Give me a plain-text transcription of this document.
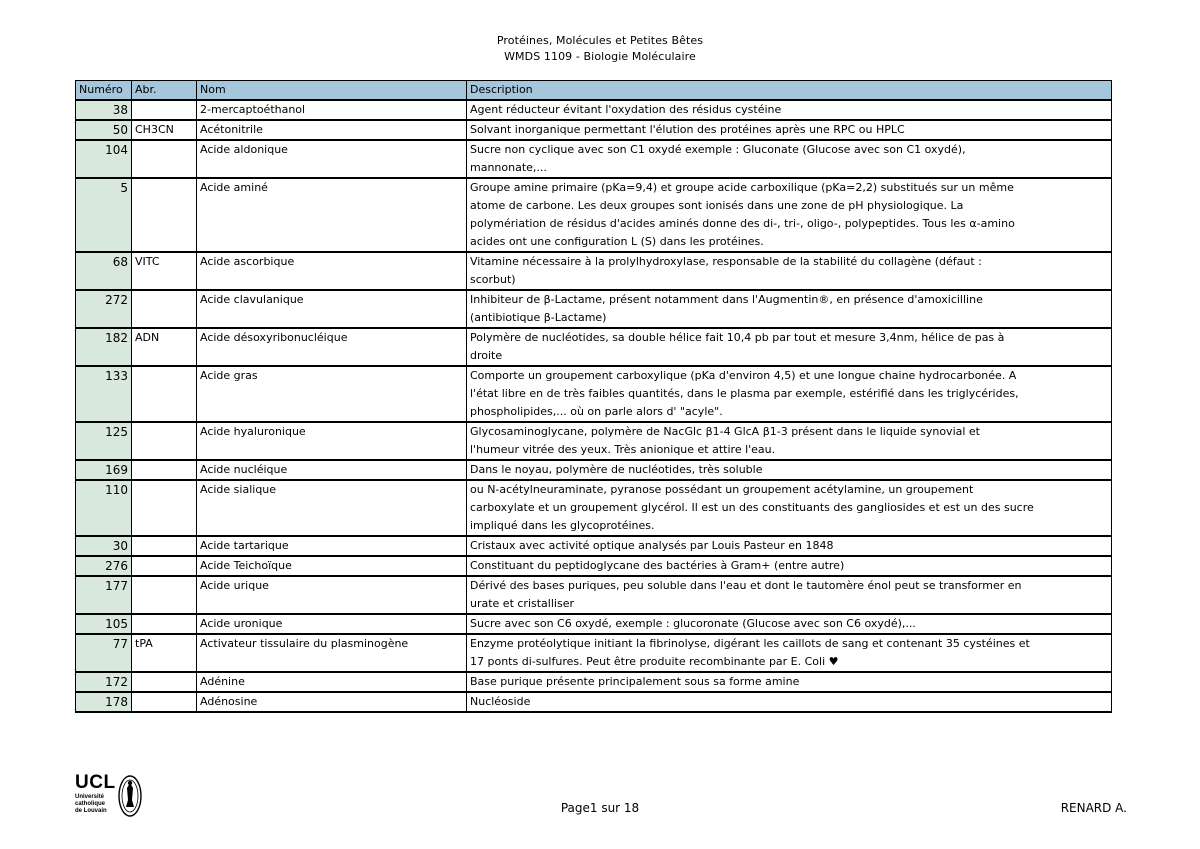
Protéines, Molécules et Petites Bêtes
WMDS 1109 - Biologie Moléculaire
Numéro	Abr.	Nom	Description
38		2-mercaptoéthanol	Agent réducteur évitant l'oxydation des résidus cystéine

50	CH3CN	Acétonitrile	Solvant inorganique permettant l'élution des protéines après une RPC ou HPLC

104		Acide aldonique	Sucre non cyclique avec son C1 oxydé exemple : Gluconate (Glucose avec son C1 oxydé),
mannonate,...

5		Acide aminé	Groupe amine primaire (pKa=9,4) et groupe acide carboxilique (pKa=2,2) substitués sur un même
atome de carbone. Les deux groupes sont ionisés dans une zone de pH physiologique. La
polymériation de résidus d'acides aminés donne des di-, tri-, oligo-, polypeptides. Tous les α-amino
acides ont une configuration L (S) dans les protéines.

68	VITC	Acide ascorbique	Vitamine nécessaire à la prolylhydroxylase, responsable de la stabilité du collagène (défaut :
scorbut)

272		Acide clavulanique	Inhibiteur de β-Lactame, présent notamment dans l'Augmentin®, en présence d'amoxicilline
(antibiotique β-Lactame)

182	ADN	Acide désoxyribonucléique	Polymère de nucléotides, sa double hélice fait 10,4 pb par tout et mesure 3,4nm, hélice de pas à
droite

133		Acide gras	Comporte un groupement carboxylique (pKa d'environ 4,5) et une longue chaine hydrocarbonée. A
l'état libre en de très faibles quantités, dans le plasma par exemple, estérifié dans les triglycérides,
phospholipides,... où on parle alors d' "acyle".

125		Acide hyaluronique	Glycosaminoglycane, polymère de NacGlc β1-4 GlcA β1-3 présent dans le liquide synovial et
l'humeur vitrée des yeux. Très anionique et attire l'eau.

169		Acide nucléique	Dans le noyau, polymère de nucléotides, très soluble

110		Acide sialique	ou N-acétylneuraminate, pyranose possédant un groupement acétylamine, un groupement
carboxylate et un groupement glycérol. Il est un des constituants des gangliosides et est un des sucre
impliqué dans les glycoprotéines.

30		Acide tartarique	Cristaux avec activité optique analysés par Louis Pasteur en 1848

276		Acide Teichoïque	Constituant du peptidoglycane des bactéries à Gram+ (entre autre)

177		Acide urique	Dérivé des bases puriques, peu soluble dans l'eau et dont le tautomère énol peut se transformer en
urate et cristalliser

105		Acide uronique	Sucre avec son C6 oxydé, exemple : glucoronate (Glucose avec son C6 oxydé),...

77	tPA	Activateur tissulaire du plasminogène	Enzyme protéolytique initiant la fibrinolyse, digérant les caillots de sang et contenant 35 cystéines et
17 ponts di-sulfures. Peut être produite recombinante par E. Coli ♥

172		Adénine	Base purique présente principalement sous sa forme amine

178		Adénosine	Nucléoside
UCL
Université
catholique
de Louvain	Page1 sur 18	RENARD A.
